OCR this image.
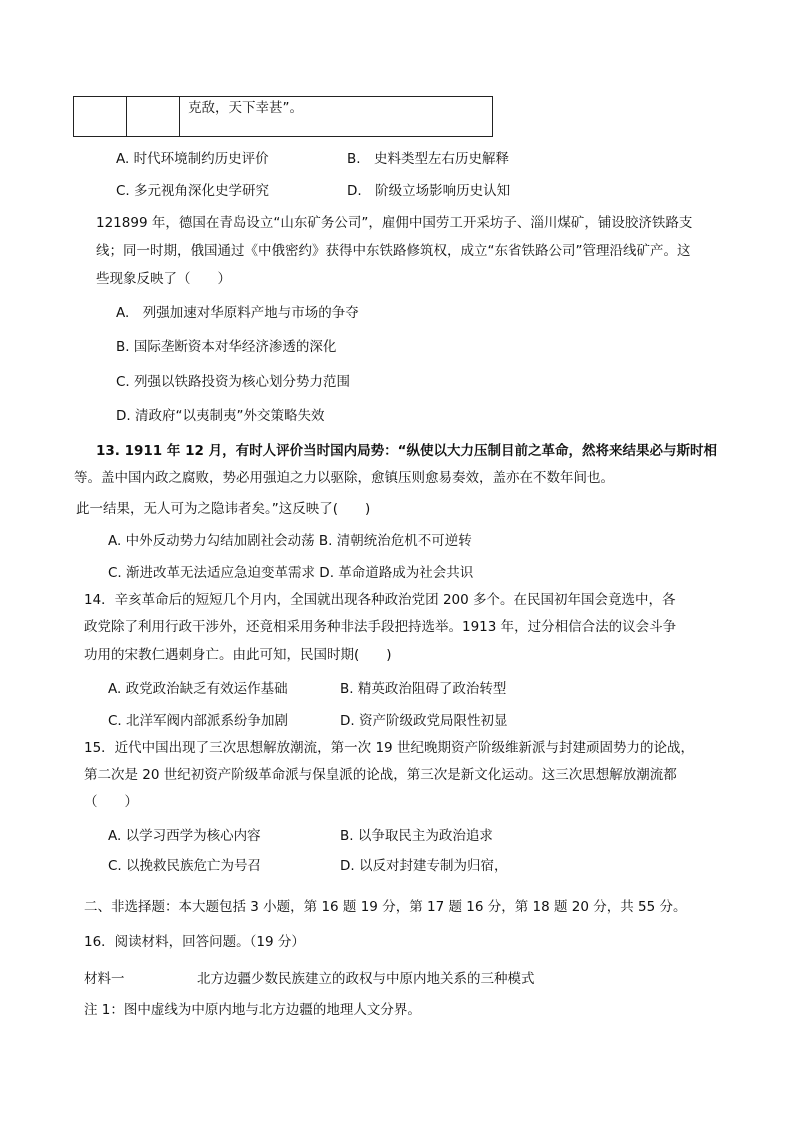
		克敌，天下幸甚”。
A. 时代环境制约历史评价	B.　史料类型左右历史解释
C. 多元视角深化史学研究	D.　阶级立场影响历史认知
121899 年，德国在青岛设立“山东矿务公司”，雇佣中国劳工开采坊子、淄川煤矿，铺设胶济铁路支
线；同一时期，俄国通过《中俄密约》获得中东铁路修筑权，成立“东省铁路公司”管理沿线矿产。这
些现象反映了（　　）
A.　列强加速对华原料产地与市场的争夺
B. 国际垄断资本对华经济渗透的深化
C. 列强以铁路投资为核心划分势力范围
D. 清政府“以夷制夷”外交策略失效
13. 1911 年 12 月，有时人评价当时国内局势：“纵使以大力压制目前之革命，然将来结果必与斯时相
等。盖中国内政之腐败，势必用强迫之力以驱除，愈镇压则愈易奏效，盖亦在不数年间也。
此一结果，无人可为之隐讳者矣。”这反映了(　　)
A. 中外反动势力勾结加剧社会动荡 B. 清朝统治危机不可逆转
C. 渐进改革无法适应急迫变革需求 D. 革命道路成为社会共识
14．辛亥革命后的短短几个月内，全国就出现各种政治党团 200 多个。在民国初年国会竟选中，各
政党除了利用行政干涉外，还竟相采用务种非法手段把持选举。1913 年，过分相信合法的议会斗争
功用的宋教仁遇刺身亡。由此可知，民国时期(　　)
A. 政党政治缺乏有效运作基础	B. 精英政治阻碍了政治转型
C. 北洋军阀内部派系纷争加剧	D. 资产阶级政党局限性初显
15．近代中国出现了三次思想解放潮流，第一次 19 世纪晚期资产阶级维新派与封建顽固势力的论战，
第二次是 20 世纪初资产阶级革命派与保皇派的论战，第三次是新文化运动。这三次思想解放潮流都
（　　）
A. 以学习西学为核心内容	B. 以争取民主为政治追求
C. 以挽救民族危亡为号召	D. 以反对封建专制为归宿，
二、非选择题：本大题包括 3 小题，第 16 题 19 分，第 17 题 16 分，第 18 题 20 分，共 55 分。
16．阅读材料，回答问题。（19 分）
材料一	北方边疆少数民族建立的政权与中原内地关系的三种模式
注 1：图中虚线为中原内地与北方边疆的地理人文分界。
